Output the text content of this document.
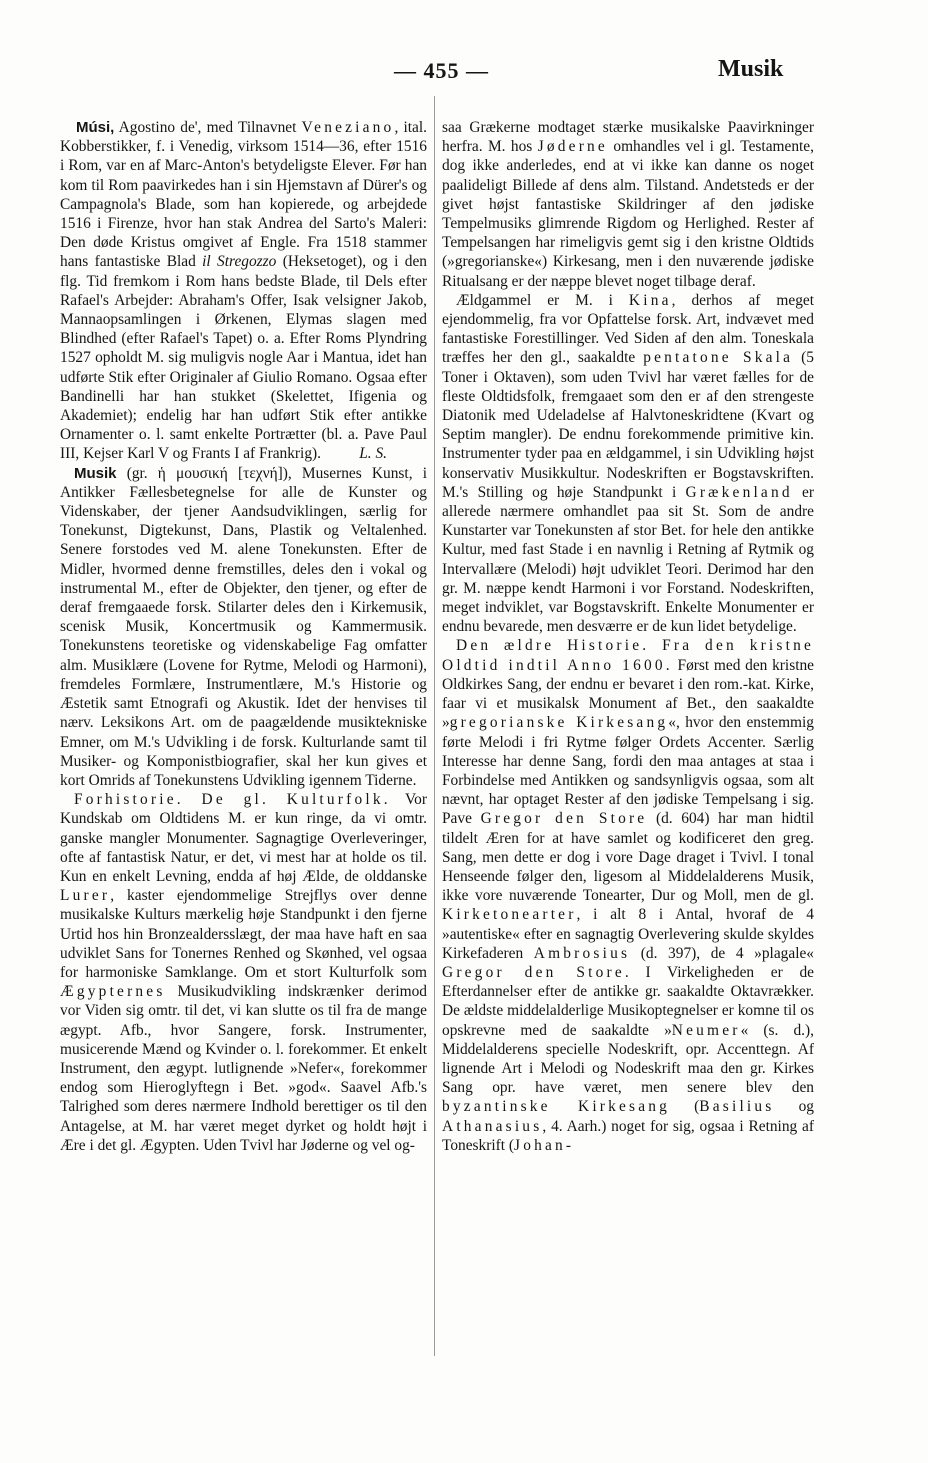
— 455 —	Musik

Músi, Agostino de', med Tilnavnet Veneziano, ital. Kobberstikker, f. i Venedig, virksom 1514—36, efter 1516 i Rom, var en af Marc-Anton's betydeligste Elever. Før han kom til Rom paavirkedes han i sin Hjemstavn af Dürer's og Campagnola's Blade, som han kopierede, og arbejdede 1516 i Firenze, hvor han stak Andrea del Sarto's Maleri: Den døde Kristus omgivet af Engle. Fra 1518 stammer hans fantastiske Blad il Stregozzo (Heksetoget), og i den flg. Tid fremkom i Rom hans bedste Blade, til Dels efter Rafael's Arbejder: Abraham's Offer, Isak velsigner Jakob, Mannaopsamlingen i Ørkenen, Elymas slagen med Blindhed (efter Rafael's Tapet) o. a. Efter Roms Plyndring 1527 opholdt M. sig muligvis nogle Aar i Mantua, idet han udførte Stik efter Originaler af Giulio Romano. Ogsaa efter Bandinelli har han stukket (Skelettet, Ifigenia og Akademiet); endelig har han udført Stik efter antikke Ornamenter o. l. samt enkelte Portrætter (bl. a. Pave Paul III, Kejser Karl V og Frants I af Frankrig).	L. S.

Musik (gr. ἡ μουσική [τεχνή]), Musernes Kunst, i Antikker Fællesbetegnelse for alle de Kunster og Videnskaber, der tjener Aandsudviklingen, særlig for Tonekunst, Digtekunst, Dans, Plastik og Veltalenhed. Senere forstodes ved M. alene Tonekunsten. Efter de Midler, hvormed denne fremstilles, deles den i vokal og instrumental M., efter de Objekter, den tjener, og efter de deraf fremgaaede forsk. Stilarter deles den i Kirkemusik, scenisk Musik, Koncertmusik og Kammermusik. Tonekunstens teoretiske og videnskabelige Fag omfatter alm. Musiklære (Lovene for Rytme, Melodi og Harmoni), fremdeles Formlære, Instrumentlære, M.'s Historie og Æstetik samt Etnografi og Akustik. Idet der henvises til nærv. Leksikons Art. om de paagældende musiktekniske Emner, om M.'s Udvikling i de forsk. Kulturlande samt til Musiker- og Komponistbiografier, skal her kun gives et kort Omrids af Tonekunstens Udvikling igennem Tiderne.

Forhistorie. De gl. Kulturfolk. Vor Kundskab om Oldtidens M. er kun ringe, da vi omtr. ganske mangler Monumenter. Sagnagtige Overleveringer, ofte af fantastisk Natur, er det, vi mest har at holde os til. Kun en enkelt Levning, endda af høj Ælde, de olddanske Lurer, kaster ejendommelige Strejflys over denne musikalske Kulturs mærkelig høje Standpunkt i den fjerne Urtid hos hin Bronzealdersslægt, der maa have haft en saa udviklet Sans for Tonernes Renhed og Skønhed, vel ogsaa for harmoniske Samklange. Om et stort Kulturfolk som Ægypternes Musikudvikling indskrænker derimod vor Viden sig omtr. til det, vi kan slutte os til fra de mange ægypt. Afb., hvor Sangere, forsk. Instrumenter, musicerende Mænd og Kvinder o. l. forekommer. Et enkelt Instrument, den ægypt. lutlignende »Nefer«, forekommer endog som Hieroglyftegn i Bet. »god«. Saavel Afb.'s Talrighed som deres nærmere Indhold berettiger os til den Antagelse, at M. har været meget dyrket og holdt højt i Ære i det gl. Ægypten. Uden Tvivl har Jøderne og vel og-

saa Grækerne modtaget stærke musikalske Paavirkninger herfra. M. hos Jøderne omhandles vel i gl. Testamente, dog ikke anderledes, end at vi ikke kan danne os noget paalideligt Billede af dens alm. Tilstand. Andetsteds er der givet højst fantastiske Skildringer af den jødiske Tempelmusiks glimrende Rigdom og Herlighed. Rester af Tempelsangen har rimeligvis gemt sig i den kristne Oldtids (»gregorianske«) Kirkesang, men i den nuværende jødiske Ritualsang er der næppe blevet noget tilbage deraf.

Ældgammel er M. i Kina, derhos af meget ejendommelig, fra vor Opfattelse forsk. Art, indvævet med fantastiske Forestillinger. Ved Siden af den alm. Toneskala træffes her den gl., saakaldte pentatone Skala (5 Toner i Oktaven), som uden Tvivl har været fælles for de fleste Oldtidsfolk, fremgaaet som den er af den strengeste Diatonik med Udeladelse af Halvtoneskridtene (Kvart og Septim mangler). De endnu forekommende primitive kin. Instrumenter tyder paa en ældgammel, i sin Udvikling højst konservativ Musikkultur. Nodeskriften er Bogstavskriften. M.'s Stilling og høje Standpunkt i Grækenland er allerede nærmere omhandlet paa sit St. Som de andre Kunstarter var Tonekunsten af stor Bet. for hele den antikke Kultur, med fast Stade i en navnlig i Retning af Rytmik og Intervallære (Melodi) højt udviklet Teori. Derimod har den gr. M. næppe kendt Harmoni i vor Forstand. Nodeskriften, meget indviklet, var Bogstavskrift. Enkelte Monumenter er endnu bevarede, men desværre er de kun lidet betydelige.

Den ældre Historie. Fra den kristne Oldtid indtil Anno 1600. Først med den kristne Oldkirkes Sang, der endnu er bevaret i den rom.-kat. Kirke, faar vi et musikalsk Monument af Bet., den saakaldte »gregorianske Kirkesang«, hvor den enstemmig førte Melodi i fri Rytme følger Ordets Accenter. Særlig Interesse har denne Sang, fordi den maa antages at staa i Forbindelse med Antikken og sandsynligvis ogsaa, som alt nævnt, har optaget Rester af den jødiske Tempelsang i sig. Pave Gregor den Store (d. 604) har man hidtil tildelt Æren for at have samlet og kodificeret den greg. Sang, men dette er dog i vore Dage draget i Tvivl. I tonal Henseende følger den, ligesom al Middelalderens Musik, ikke vore nuværende Tonearter, Dur og Moll, men de gl. Kirketonearter, i alt 8 i Antal, hvoraf de 4 »autentiske« efter en sagnagtig Overlevering skulde skyldes Kirkefaderen Ambrosius (d. 397), de 4 »plagale« Gregor den Store. I Virkeligheden er de Efterdannelser efter de antikke gr. saakaldte Oktavrækker. De ældste middelalderlige Musikoptegnelser er komne til os opskrevne med de saakaldte »Neumer« (s. d.), Middelalderens specielle Nodeskrift, opr. Accenttegn. Af lignende Art i Melodi og Nodeskrift maa den gr. Kirkes Sang opr. have været, men senere blev den byzantinske Kirkesang (Basilius og Athanasius, 4. Aarh.) noget for sig, ogsaa i Retning af Toneskrift (Johan-
